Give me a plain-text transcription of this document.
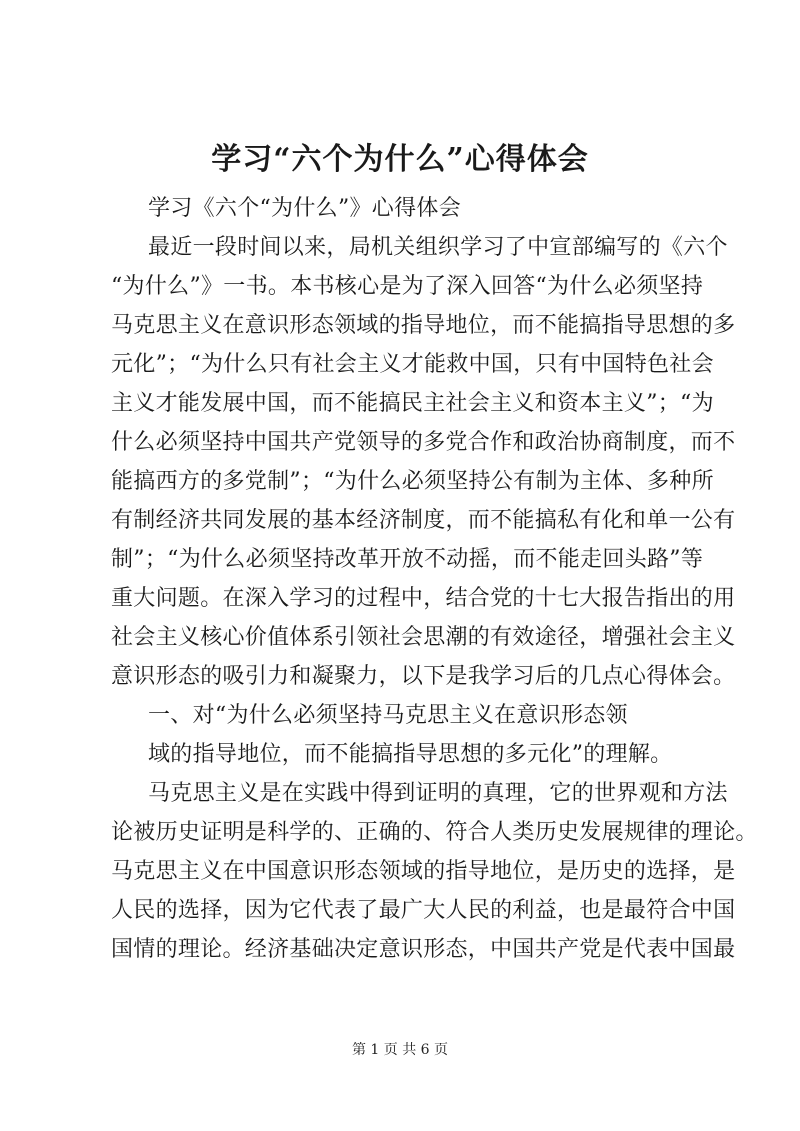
学习“六个为什么”心得体会
学习《六个“为什么”》心得体会
最近一段时间以来，局机关组织学习了中宣部编写的《六个
“为什么”》一书。本书核心是为了深入回答“为什么必须坚持
马克思主义在意识形态领域的指导地位，而不能搞指导思想的多
元化”；“为什么只有社会主义才能救中国，只有中国特色社会
主义才能发展中国，而不能搞民主社会主义和资本主义”；“为
什么必须坚持中国共产党领导的多党合作和政治协商制度，而不
能搞西方的多党制”；“为什么必须坚持公有制为主体、多种所
有制经济共同发展的基本经济制度，而不能搞私有化和单一公有
制”；“为什么必须坚持改革开放不动摇，而不能走回头路”等
重大问题。在深入学习的过程中，结合党的十七大报告指出的用
社会主义核心价值体系引领社会思潮的有效途径，增强社会主义
意识形态的吸引力和凝聚力，以下是我学习后的几点心得体会。
一、对“为什么必须坚持马克思主义在意识形态领
域的指导地位，而不能搞指导思想的多元化”的理解。
马克思主义是在实践中得到证明的真理，它的世界观和方法
论被历史证明是科学的、正确的、符合人类历史发展规律的理论。
马克思主义在中国意识形态领域的指导地位，是历史的选择，是
人民的选择，因为它代表了最广大人民的利益，也是最符合中国
国情的理论。经济基础决定意识形态，中国共产党是代表中国最
第 1 页 共 6 页
